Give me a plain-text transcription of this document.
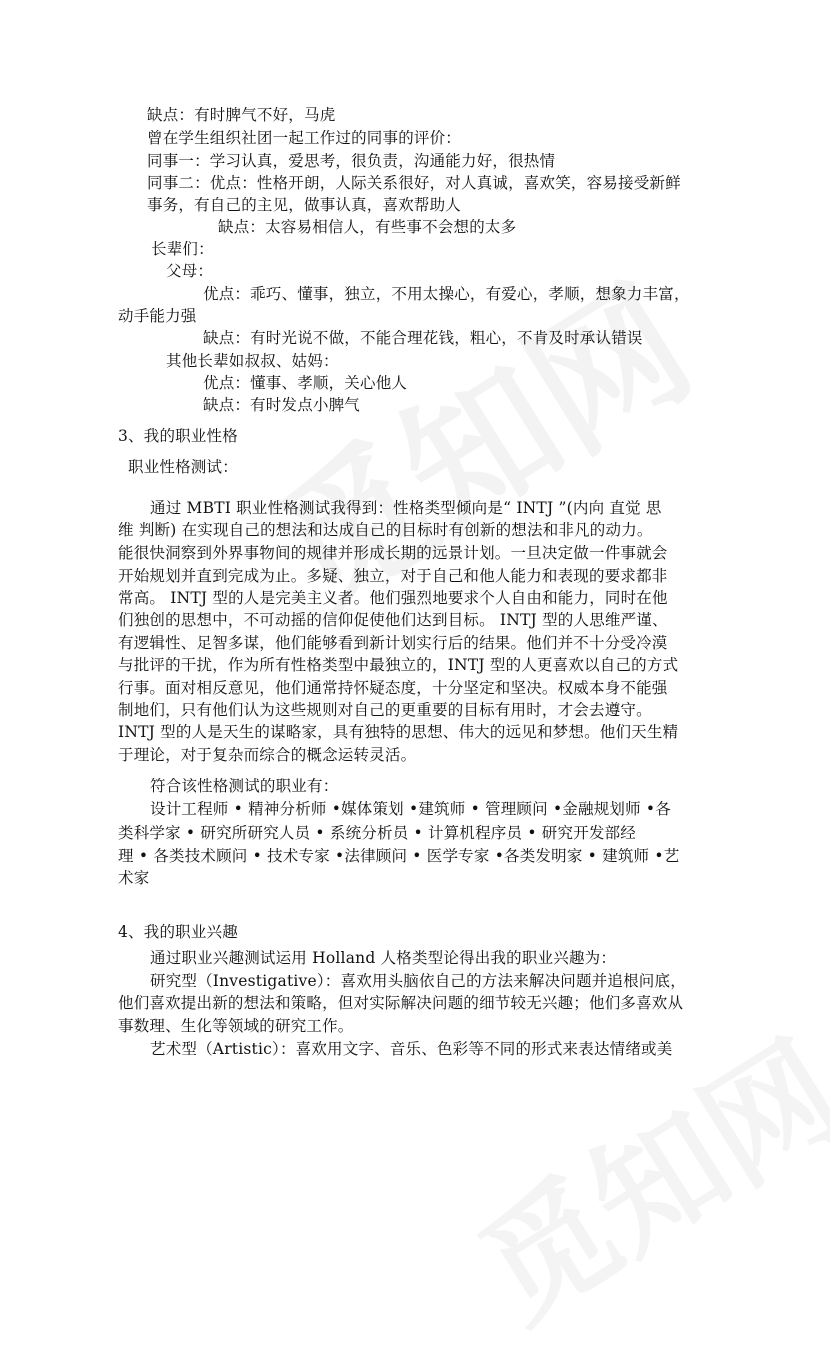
缺点：有时脾气不好，马虎
曾在学生组织社团一起工作过的同事的评价：
同事一：学习认真，爱思考，很负责，沟通能力好，很热情
同事二：优点：性格开朗，人际关系很好，对人真诚，喜欢笑，容易接受新鲜
事务，有自己的主见，做事认真，喜欢帮助人
缺点：太容易相信人，有些事不会想的太多
长辈们：
父母：
优点：乖巧、懂事，独立，不用太操心，有爱心，孝顺，想象力丰富，
动手能力强
缺点：有时光说不做，不能合理花钱，粗心，不肯及时承认错误
其他长辈如叔叔、姑妈：
优点：懂事、孝顺，关心他人
缺点：有时发点小脾气
3、我的职业性格
职业性格测试：
通过 MBTI 职业性格测试我得到：性格类型倾向是“ INTJ ”(内向 直觉 思
维 判断) 在实现自己的想法和达成自己的目标时有创新的想法和非凡的动力。
能很快洞察到外界事物间的规律并形成长期的远景计划。一旦决定做一件事就会
开始规划并直到完成为止。多疑、独立，对于自己和他人能力和表现的要求都非
常高。 INTJ 型的人是完美主义者。他们强烈地要求个人自由和能力，同时在他
们独创的思想中，不可动摇的信仰促使他们达到目标。 INTJ 型的人思维严谨、
有逻辑性、足智多谋，他们能够看到新计划实行后的结果。他们并不十分受冷漠
与批评的干扰，作为所有性格类型中最独立的，INTJ 型的人更喜欢以自己的方式
行事。面对相反意见，他们通常持怀疑态度，十分坚定和坚决。权威本身不能强
制地们，只有他们认为这些规则对自己的更重要的目标有用时，才会去遵守。
INTJ 型的人是天生的谋略家，具有独特的思想、伟大的远见和梦想。他们天生精
于理论，对于复杂而综合的概念运转灵活。
符合该性格测试的职业有：
设计工程师 • 精神分析师 •媒体策划 •建筑师 • 管理顾问 •金融规划师 •各
类科学家 • 研究所研究人员 • 系统分析员 • 计算机程序员 • 研究开发部经
理 • 各类技术顾问 • 技术专家 •法律顾问 • 医学专家 •各类发明家 • 建筑师 •艺
术家
4、我的职业兴趣
通过职业兴趣测试运用 Holland 人格类型论得出我的职业兴趣为：
研究型（Investigative）：喜欢用头脑依自己的方法来解决问题并追根问底，
他们喜欢提出新的想法和策略，但对实际解决问题的细节较无兴趣；他们多喜欢从
事数理、生化等领域的研究工作。
艺术型（Artistic）：喜欢用文字、音乐、色彩等不同的形式来表达情绪或美
